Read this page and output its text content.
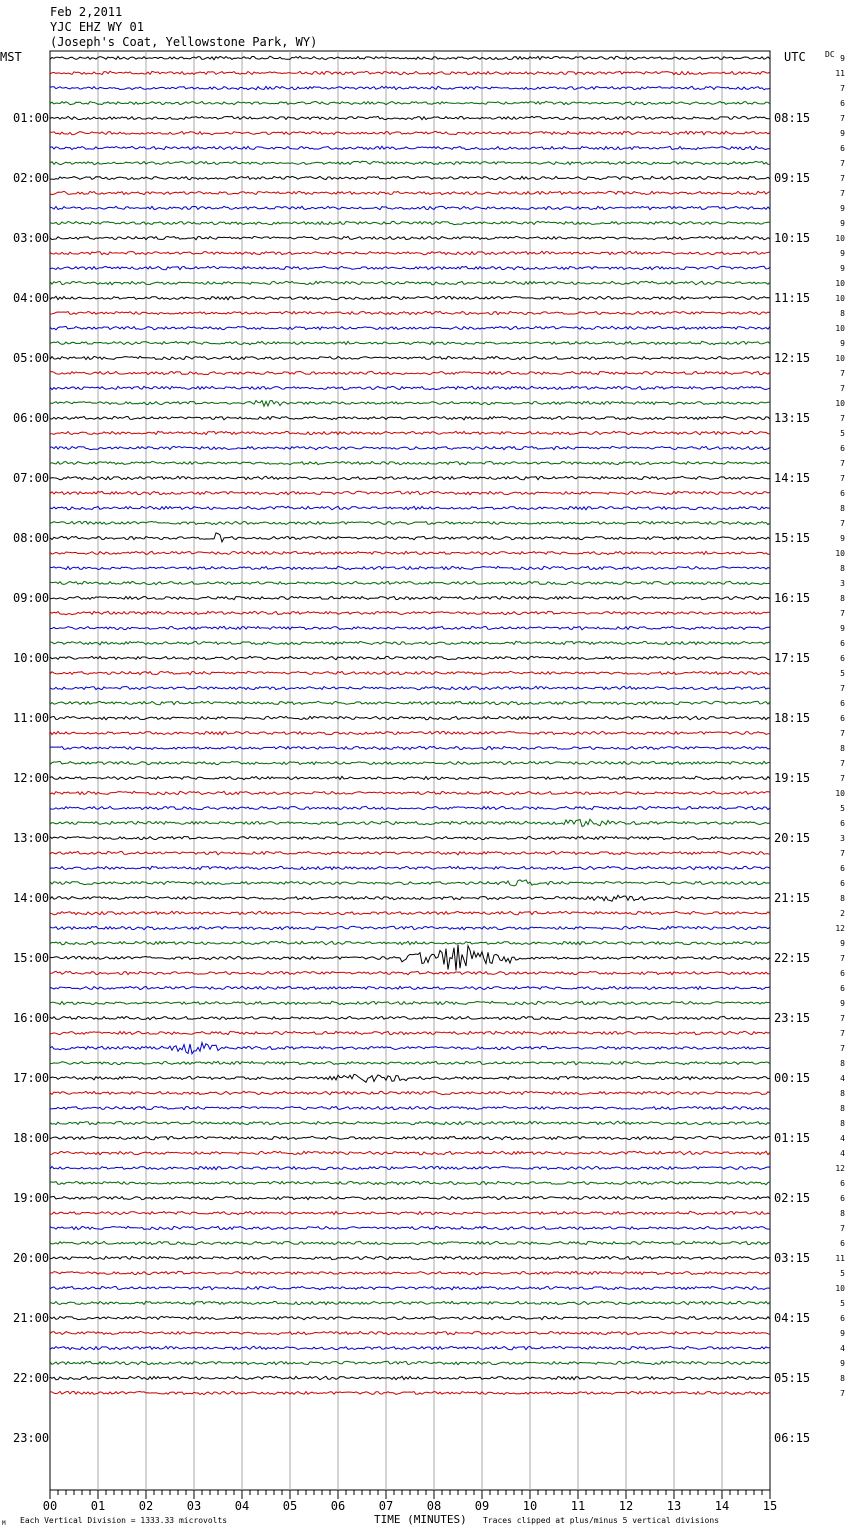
Feb 2,2011
YJC EHZ WY 01
(Joseph's Coat, Yellowstone Park, WY)
MST	UTC DC
01:00
02:00
03:00
04:00
05:00
06:00
07:00
08:00
09:00
10:00
11:00
12:00
13:00
14:00
15:00
16:00
17:00
18:00
19:00
20:00
21:00
22:00
23:00
08:15
09:15
10:15
11:15
12:15
13:15
14:15
15:15
16:15
17:15
18:15
19:15
20:15
21:15
22:15
23:15
00:15
01:15
02:15
03:15
04:15
05:15
06:15
9
11
7
6
7
9
6
7
7
7
9
9
10
9
9
10
10
8
10
9
10
7
7
10
7
5
6
7
7
6
8
7
9
10
8
3
8
7
9
6
6
5
7
6
6
7
8
7
7
10
5
6
3
7
6
6
8
2
12
9
7
6
6
9
7
7
7
8
4
8
8
8
4
4
12
6
6
8
7
6
11
5
10
5
6
9
4
9
8
7
00	01	02	03	04	05	06	07	08	09	10	11	12	13	14	15
M Each Vertical Division = 1333.33 microvolts	TIME (MINUTES) Traces clipped at plus/minus 5 vertical divisions
